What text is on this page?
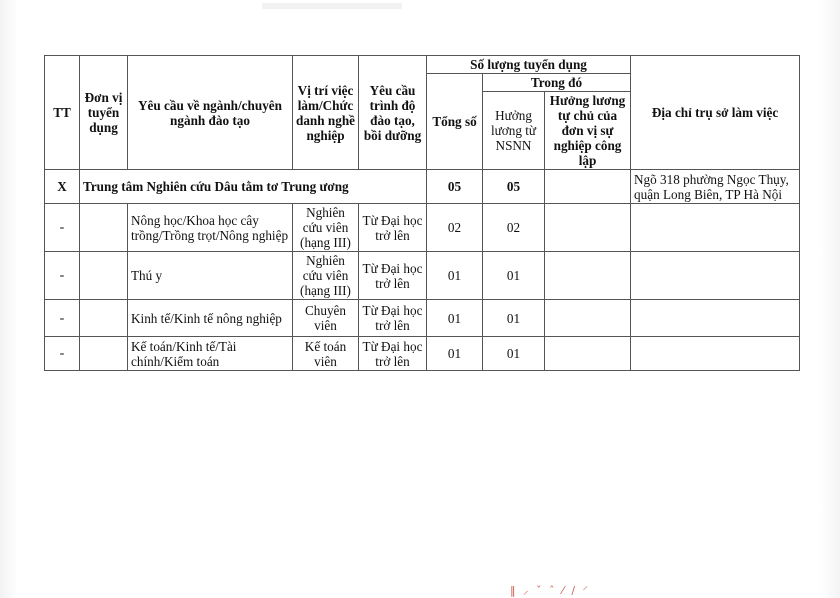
TT	Đơn vị tuyển dụng	Yêu cầu về ngành/chuyên ngành đào tạo	Vị trí việc làm/Chức danh nghề nghiệp	Yêu cầu trình độ đào tạo, bồi dưỡng	Số lượng tuyển dụng			Địa chỉ trụ sở làm việc
					Tổng số	Trong đó		
						Hưởng lương từ NSNN	Hưởng lương tự chủ của đơn vị sự nghiệp công lập	
X	Trung tâm Nghiên cứu Dâu tằm tơ Trung ương				05	05		Ngõ 318 phường Ngọc Thụy, quận Long Biên, TP Hà Nội
-		Nông học/Khoa học cây trồng/Trồng trọt/Nông nghiệp	Nghiên cứu viên (hạng III)	Từ Đại học trở lên	02	02		
-		Thú y	Nghiên cứu viên (hạng III)	Từ Đại học trở lên	01	01		
-		Kinh tế/Kinh tế nông nghiệp	Chuyên viên	Từ Đại học trở lên	01	01		
-		Kế toán/Kinh tế/Tài chính/Kiểm toán	Kế toán viên	Từ Đại học trở lên	01	01		
‖ ⸝ ˇ ˆ ⁄ ∕ ⸍
